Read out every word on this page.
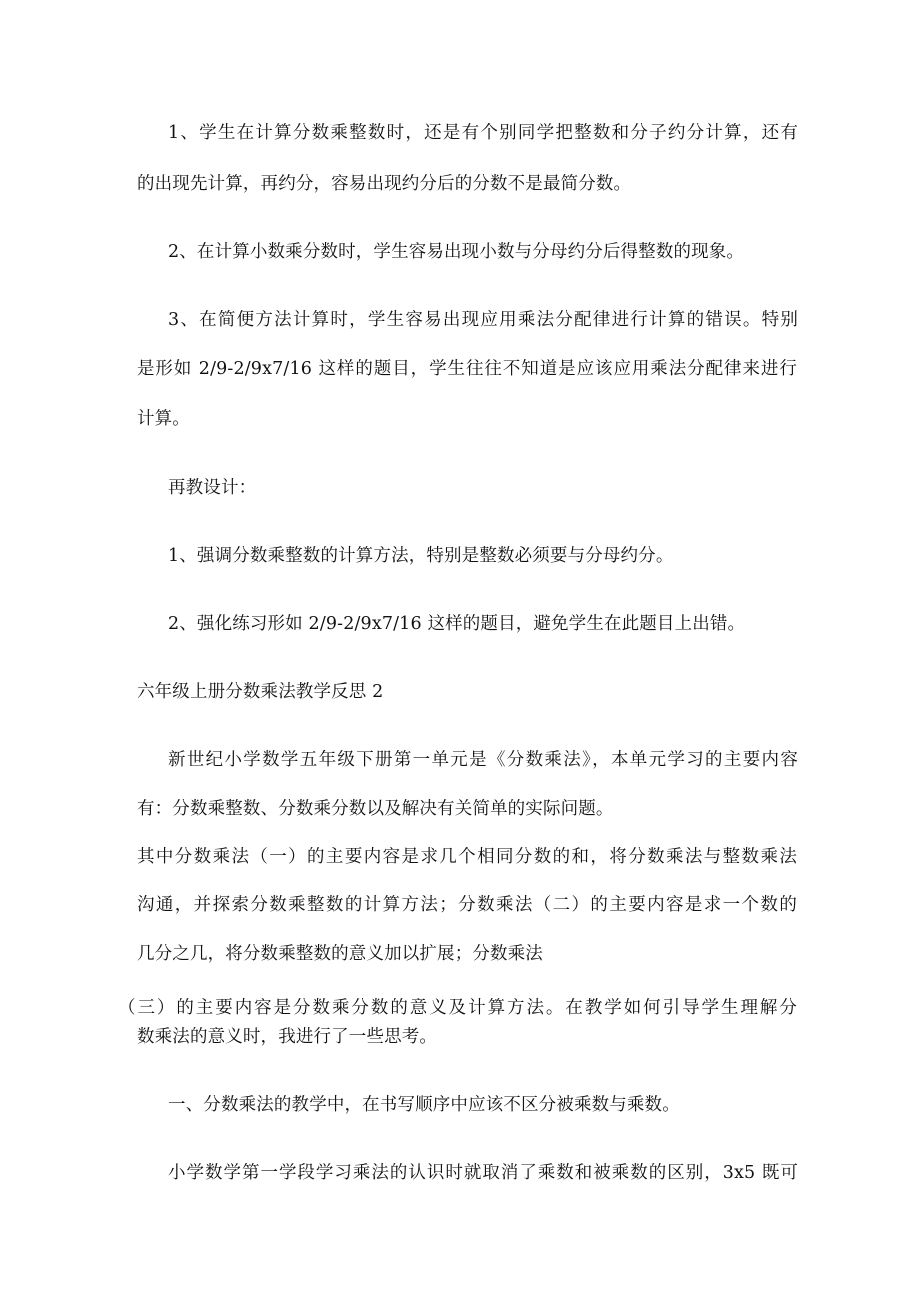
1、学生在计算分数乘整数时，还是有个别同学把整数和分子约分计算，还有
的出现先计算，再约分，容易出现约分后的分数不是最简分数。
2、在计算小数乘分数时，学生容易出现小数与分母约分后得整数的现象。
3、在简便方法计算时，学生容易出现应用乘法分配律进行计算的错误。特别
是形如 2/9-2/9x7/16 这样的题目，学生往往不知道是应该应用乘法分配律来进行
计算。
再教设计：
1、强调分数乘整数的计算方法，特别是整数必须要与分母约分。
2、强化练习形如 2/9-2/9x7/16 这样的题目，避免学生在此题目上出错。
六年级上册分数乘法教学反思 2
新世纪小学数学五年级下册第一单元是《分数乘法》，本单元学习的主要内容
有：分数乘整数、分数乘分数以及解决有关简单的实际问题。
其中分数乘法（一）的主要内容是求几个相同分数的和，将分数乘法与整数乘法
沟通，并探索分数乘整数的计算方法；分数乘法（二）的主要内容是求一个数的
几分之几，将分数乘整数的意义加以扩展；分数乘法
（三）的主要内容是分数乘分数的意义及计算方法。在教学如何引导学生理解分
数乘法的意义时，我进行了一些思考。
一、分数乘法的教学中，在书写顺序中应该不区分被乘数与乘数。
小学数学第一学段学习乘法的认识时就取消了乘数和被乘数的区别，3x5 既可
